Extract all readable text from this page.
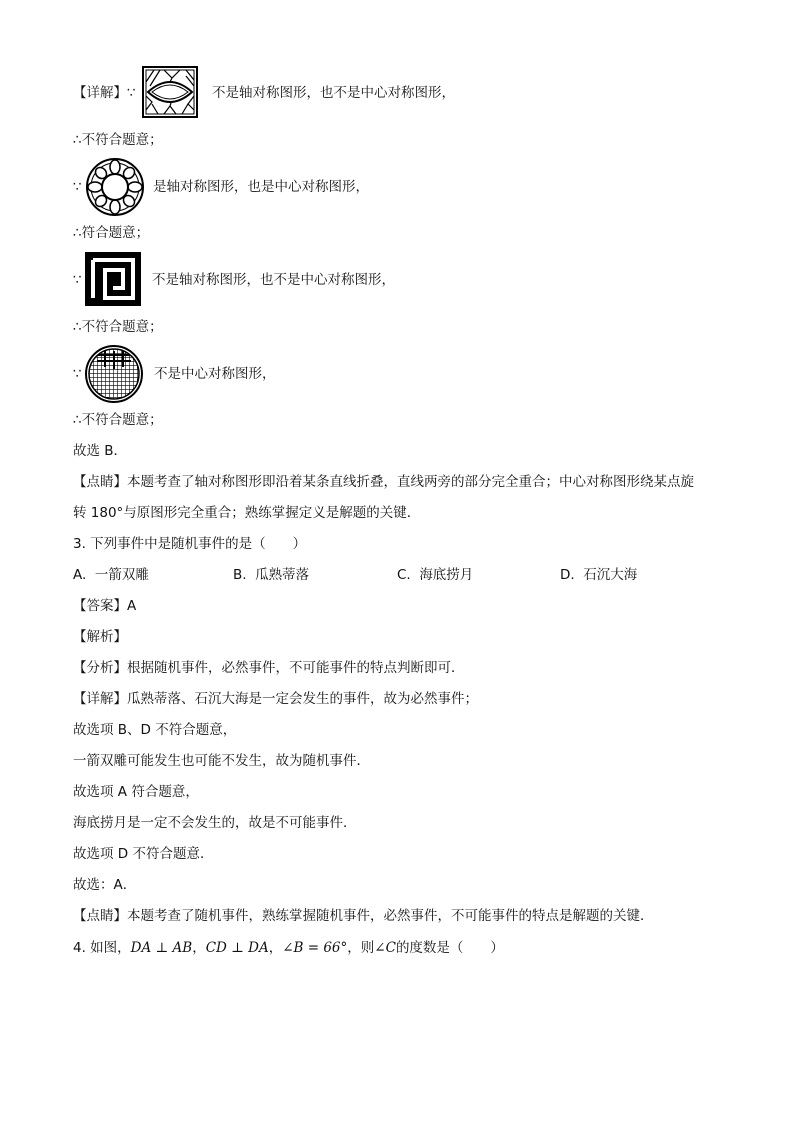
【详解】∵	不是轴对称图形，也不是中心对称图形，
∴不符合题意；
∵	是轴对称图形，也是中心对称图形，
∴符合题意；
∵	不是轴对称图形，也不是中心对称图形，
∴不符合题意；
∵	不是中心对称图形，
∴不符合题意；
故选 B．
【点睛】本题考查了轴对称图形即沿着某条直线折叠，直线两旁的部分完全重合；中心对称图形绕某点旋
转 180°与原图形完全重合；熟练掌握定义是解题的关键．
3. 下列事件中是随机事件的是（　　）
A. 一箭双雕	B. 瓜熟蒂落	C. 海底捞月	D. 石沉大海
【答案】A
【解析】
【分析】根据随机事件，必然事件，不可能事件的特点判断即可．
【详解】瓜熟蒂落、石沉大海是一定会发生的事件，故为必然事件；
故选项 B、D 不符合题意，
一箭双雕可能发生也可能不发生，故为随机事件．
故选项 A 符合题意，
海底捞月是一定不会发生的，故是不可能事件．
故选项 D 不符合题意．
故选：A．
【点睛】本题考查了随机事件，熟练掌握随机事件，必然事件，不可能事件的特点是解题的关键．
4. 如图，DA ⊥ AB，CD ⊥ DA，∠B = 66°，则∠C的度数是（　　）
